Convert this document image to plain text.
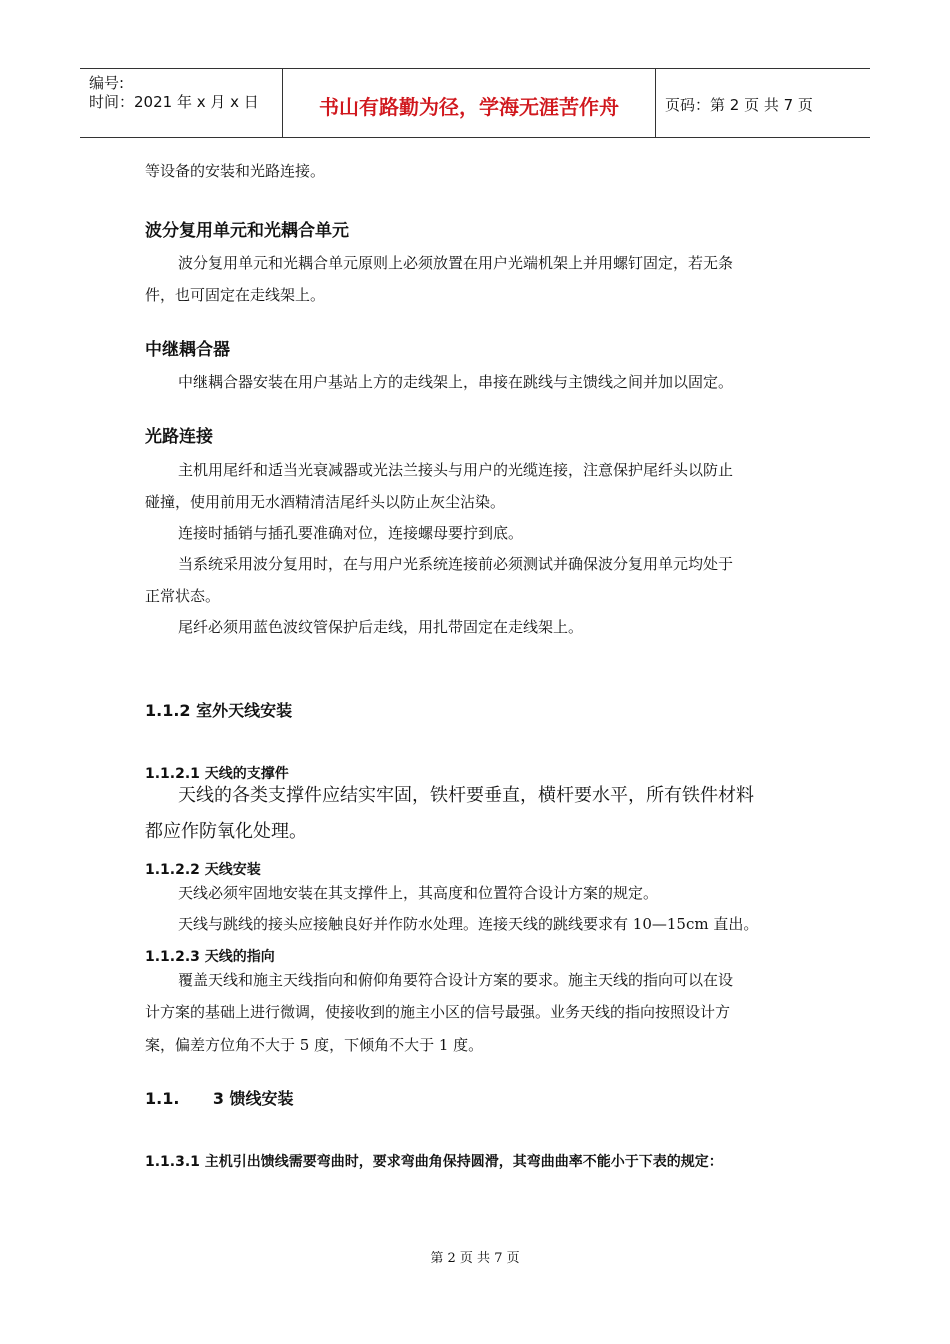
编号:
时间：2021 年 x 月 x 日	书山有路勤为径，学海无涯苦作舟	页码：第 2 页 共 7 页
等设备的安装和光路连接。
波分复用单元和光耦合单元
波分复用单元和光耦合单元原则上必须放置在用户光端机架上并用螺钉固定，若无条
件，也可固定在走线架上。
中继耦合器
中继耦合器安装在用户基站上方的走线架上，串接在跳线与主馈线之间并加以固定。
光路连接
主机用尾纤和适当光衰减器或光法兰接头与用户的光缆连接，注意保护尾纤头以防止
碰撞，使用前用无水酒精清洁尾纤头以防止灰尘沾染。
连接时插销与插孔要准确对位，连接螺母要拧到底。
当系统采用波分复用时，在与用户光系统连接前必须测试并确保波分复用单元均处于
正常状态。
尾纤必须用蓝色波纹管保护后走线，用扎带固定在走线架上。
1.1.2 室外天线安装
1.1.2.1 天线的支撑件
天线的各类支撑件应结实牢固，铁杆要垂直，横杆要水平，所有铁件材料
都应作防氧化处理。
1.1.2.2 天线安装
天线必须牢固地安装在其支撑件上，其高度和位置符合设计方案的规定。
天线与跳线的接头应接触良好并作防水处理。连接天线的跳线要求有 10—15cm 直出。
1.1.2.3 天线的指向
覆盖天线和施主天线指向和俯仰角要符合设计方案的要求。施主天线的指向可以在设
计方案的基础上进行微调，使接收到的施主小区的信号最强。业务天线的指向按照设计方
案，偏差方位角不大于 5 度，下倾角不大于 1 度。
1.1.      3 馈线安装
1.1.3.1 主机引出馈线需要弯曲时，要求弯曲角保持圆滑，其弯曲曲率不能小于下表的规定：
第 2 页 共 7 页
